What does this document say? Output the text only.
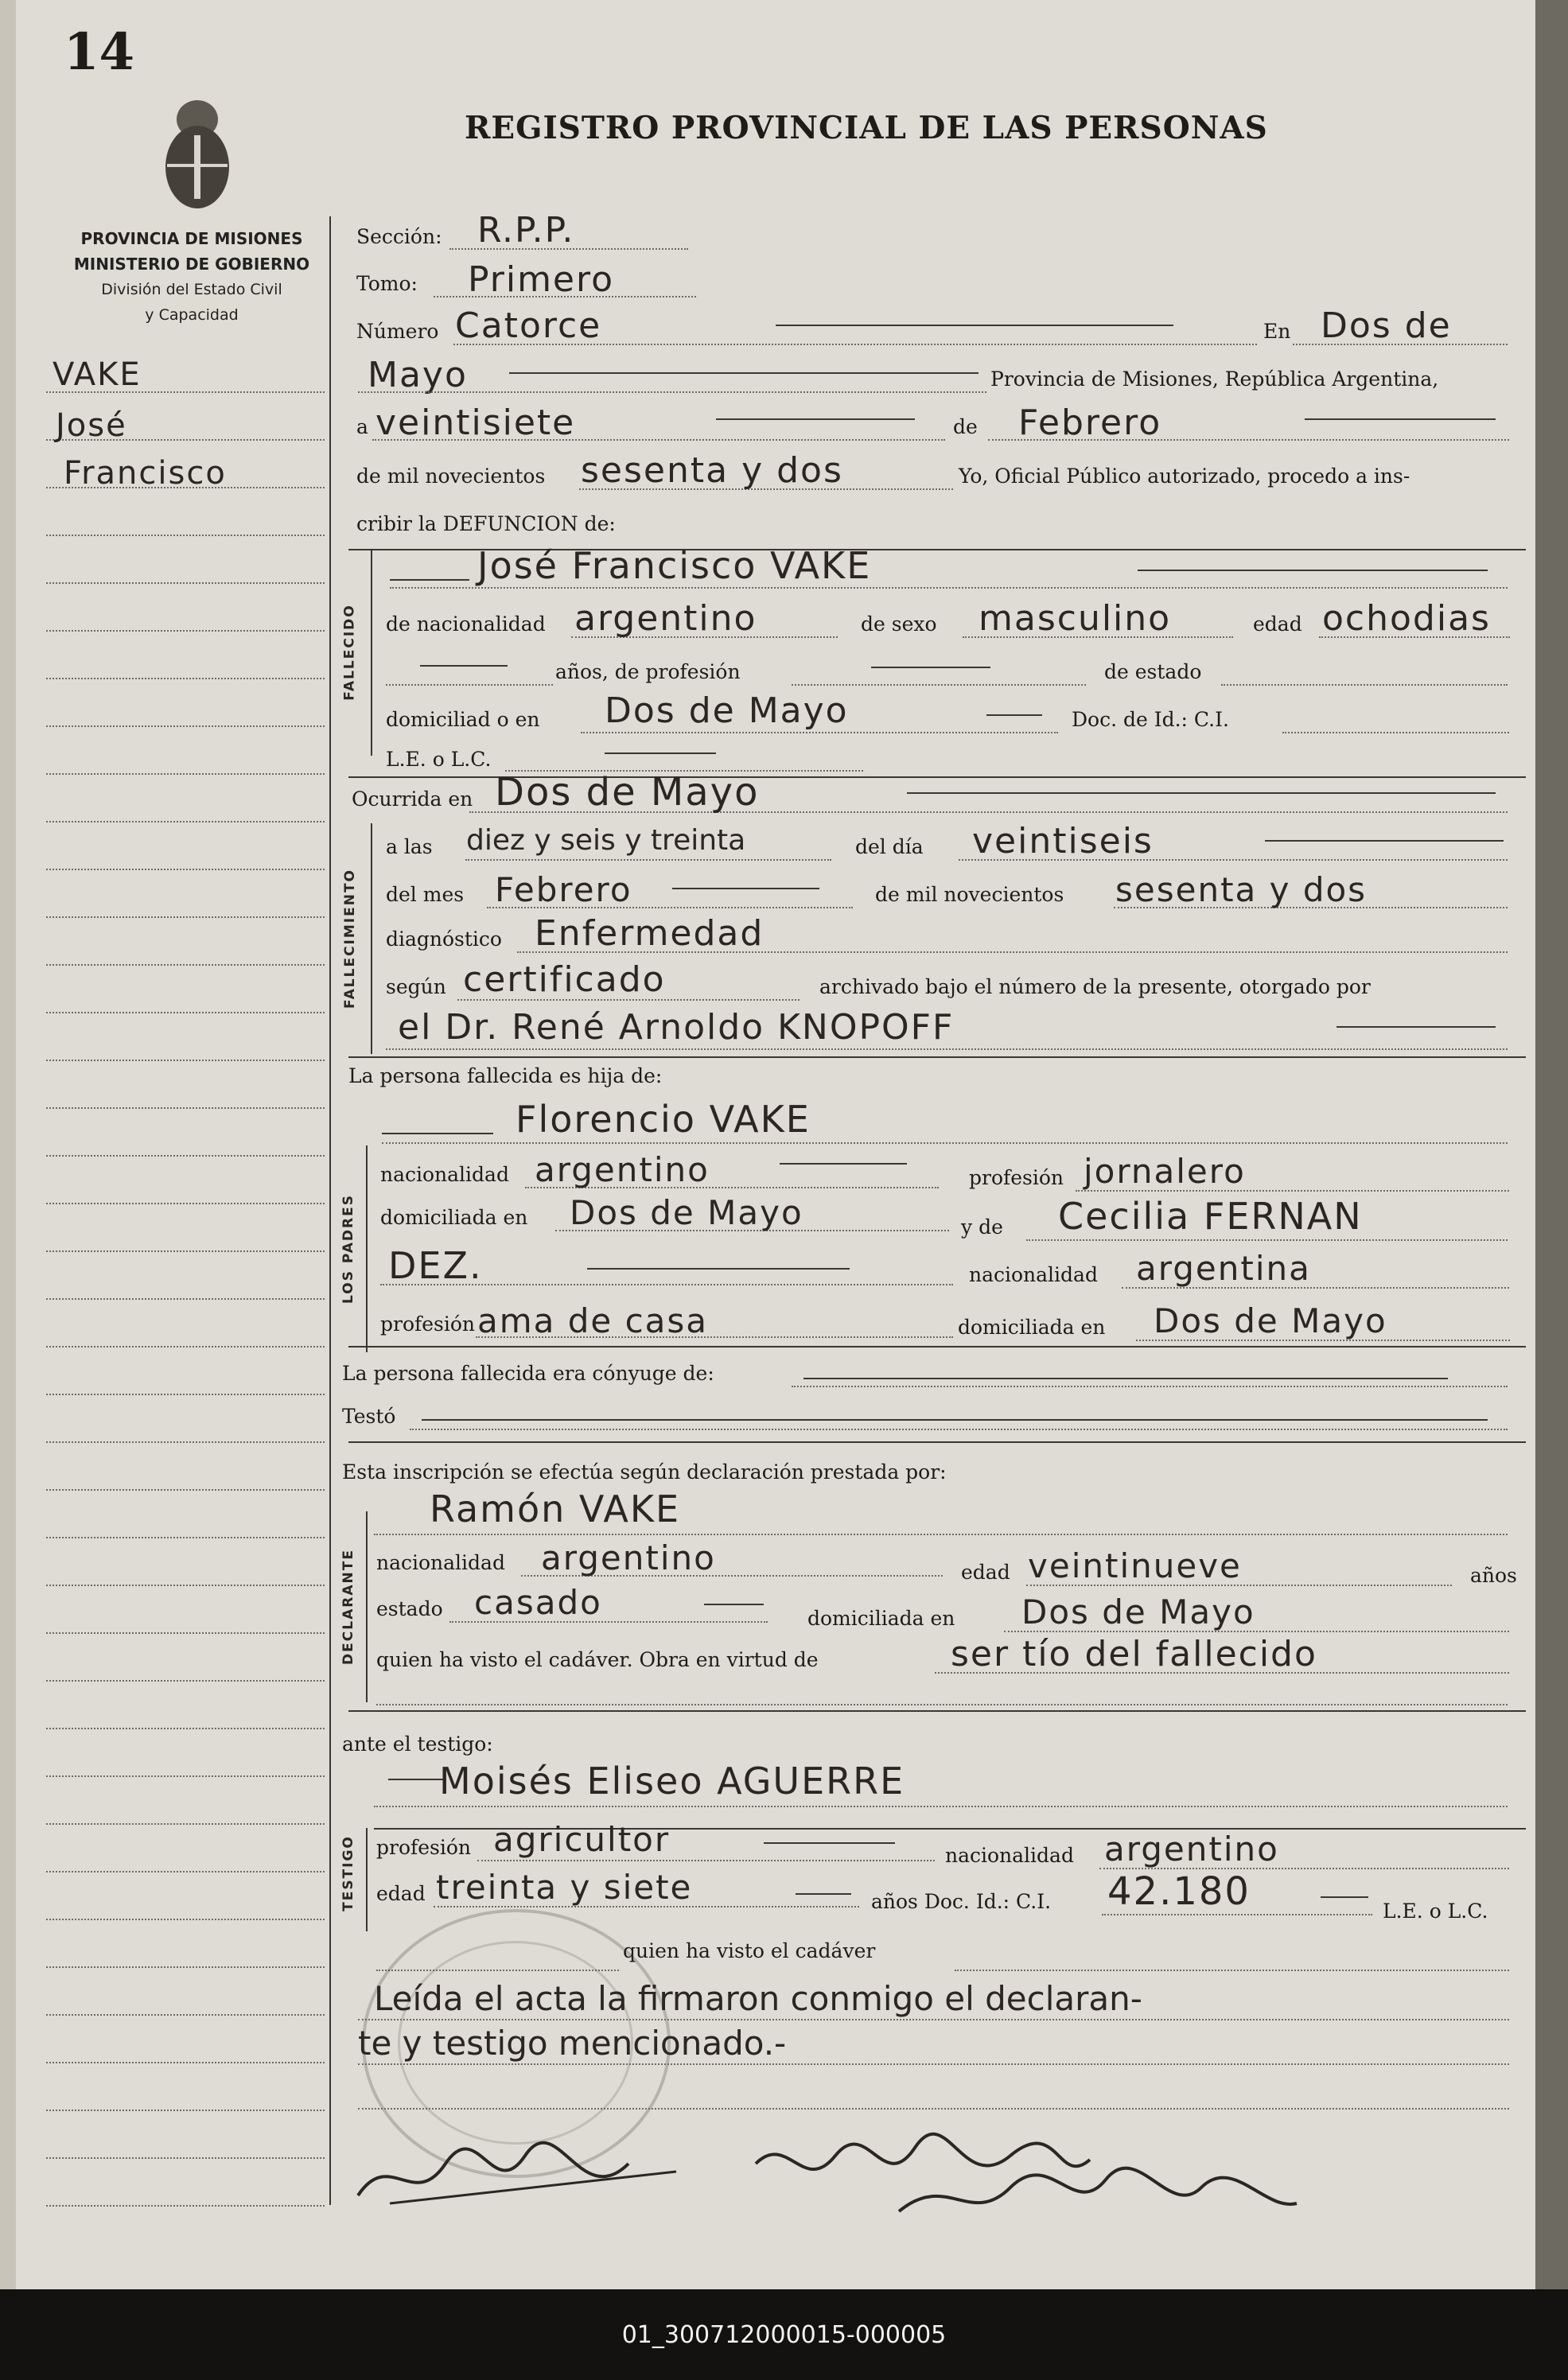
14
REGISTRO PROVINCIAL DE LAS PERSONAS
PROVINCIA DE MISIONES
MINISTERIO DE GOBIERNO
División del Estado Civil
y Capacidad
VAKE
José
Francisco
Sección: R.P.P.
Tomo: Primero
Número Catorce	En Dos de
Mayo	Provincia de Misiones, República Argentina,
a veintisiete	de Febrero
de mil novecientos sesenta y dos	Yo, Oficial Público autorizado, procedo a ins-
cribir la DEFUNCION de:
FALLECIDO
José Francisco VAKE
de nacionalidad argentino	de sexo masculino	edad ochodias
años, de profesión	de estado
domiciliad o en Dos de Mayo	Doc. de Id.: C.I.
L.E. o L.C.
Ocurrida en Dos de Mayo
FALLECIMIENTO
a las diez y seis y treinta	del día veintiseis
del mes Febrero	de mil novecientos sesenta y dos
diagnóstico Enfermedad
según certificado	archivado bajo el número de la presente, otorgado por
el Dr. René Arnoldo KNOPOFF
La persona fallecida es hija de:
Florencio VAKE
LOS PADRES
nacionalidad argentino	profesión jornalero
domiciliada en Dos de Mayo	y de Cecilia FERNAN
DEZ.	nacionalidad argentina
profesión ama de casa	domiciliada en Dos de Mayo
La persona fallecida era cónyuge de:
Testó
Esta inscripción se efectúa según declaración prestada por:
DECLARANTE
Ramón VAKE
nacionalidad argentino	edad veintinueve	años
estado casado	domiciliada en Dos de Mayo
quien ha visto el cadáver. Obra en virtud de	ser tío del fallecido
ante el testigo:
Moisés Eliseo AGUERRE
TESTIGO profesión agricultor	nacionalidad argentino
edad treinta y siete	años Doc. Id.: C.I. 42.180	L.E. o L.C.
quien ha visto el cadáver
Leída el acta la firmaron conmigo el declaran-
te y testigo mencionado.-
01_300712000015-000005
